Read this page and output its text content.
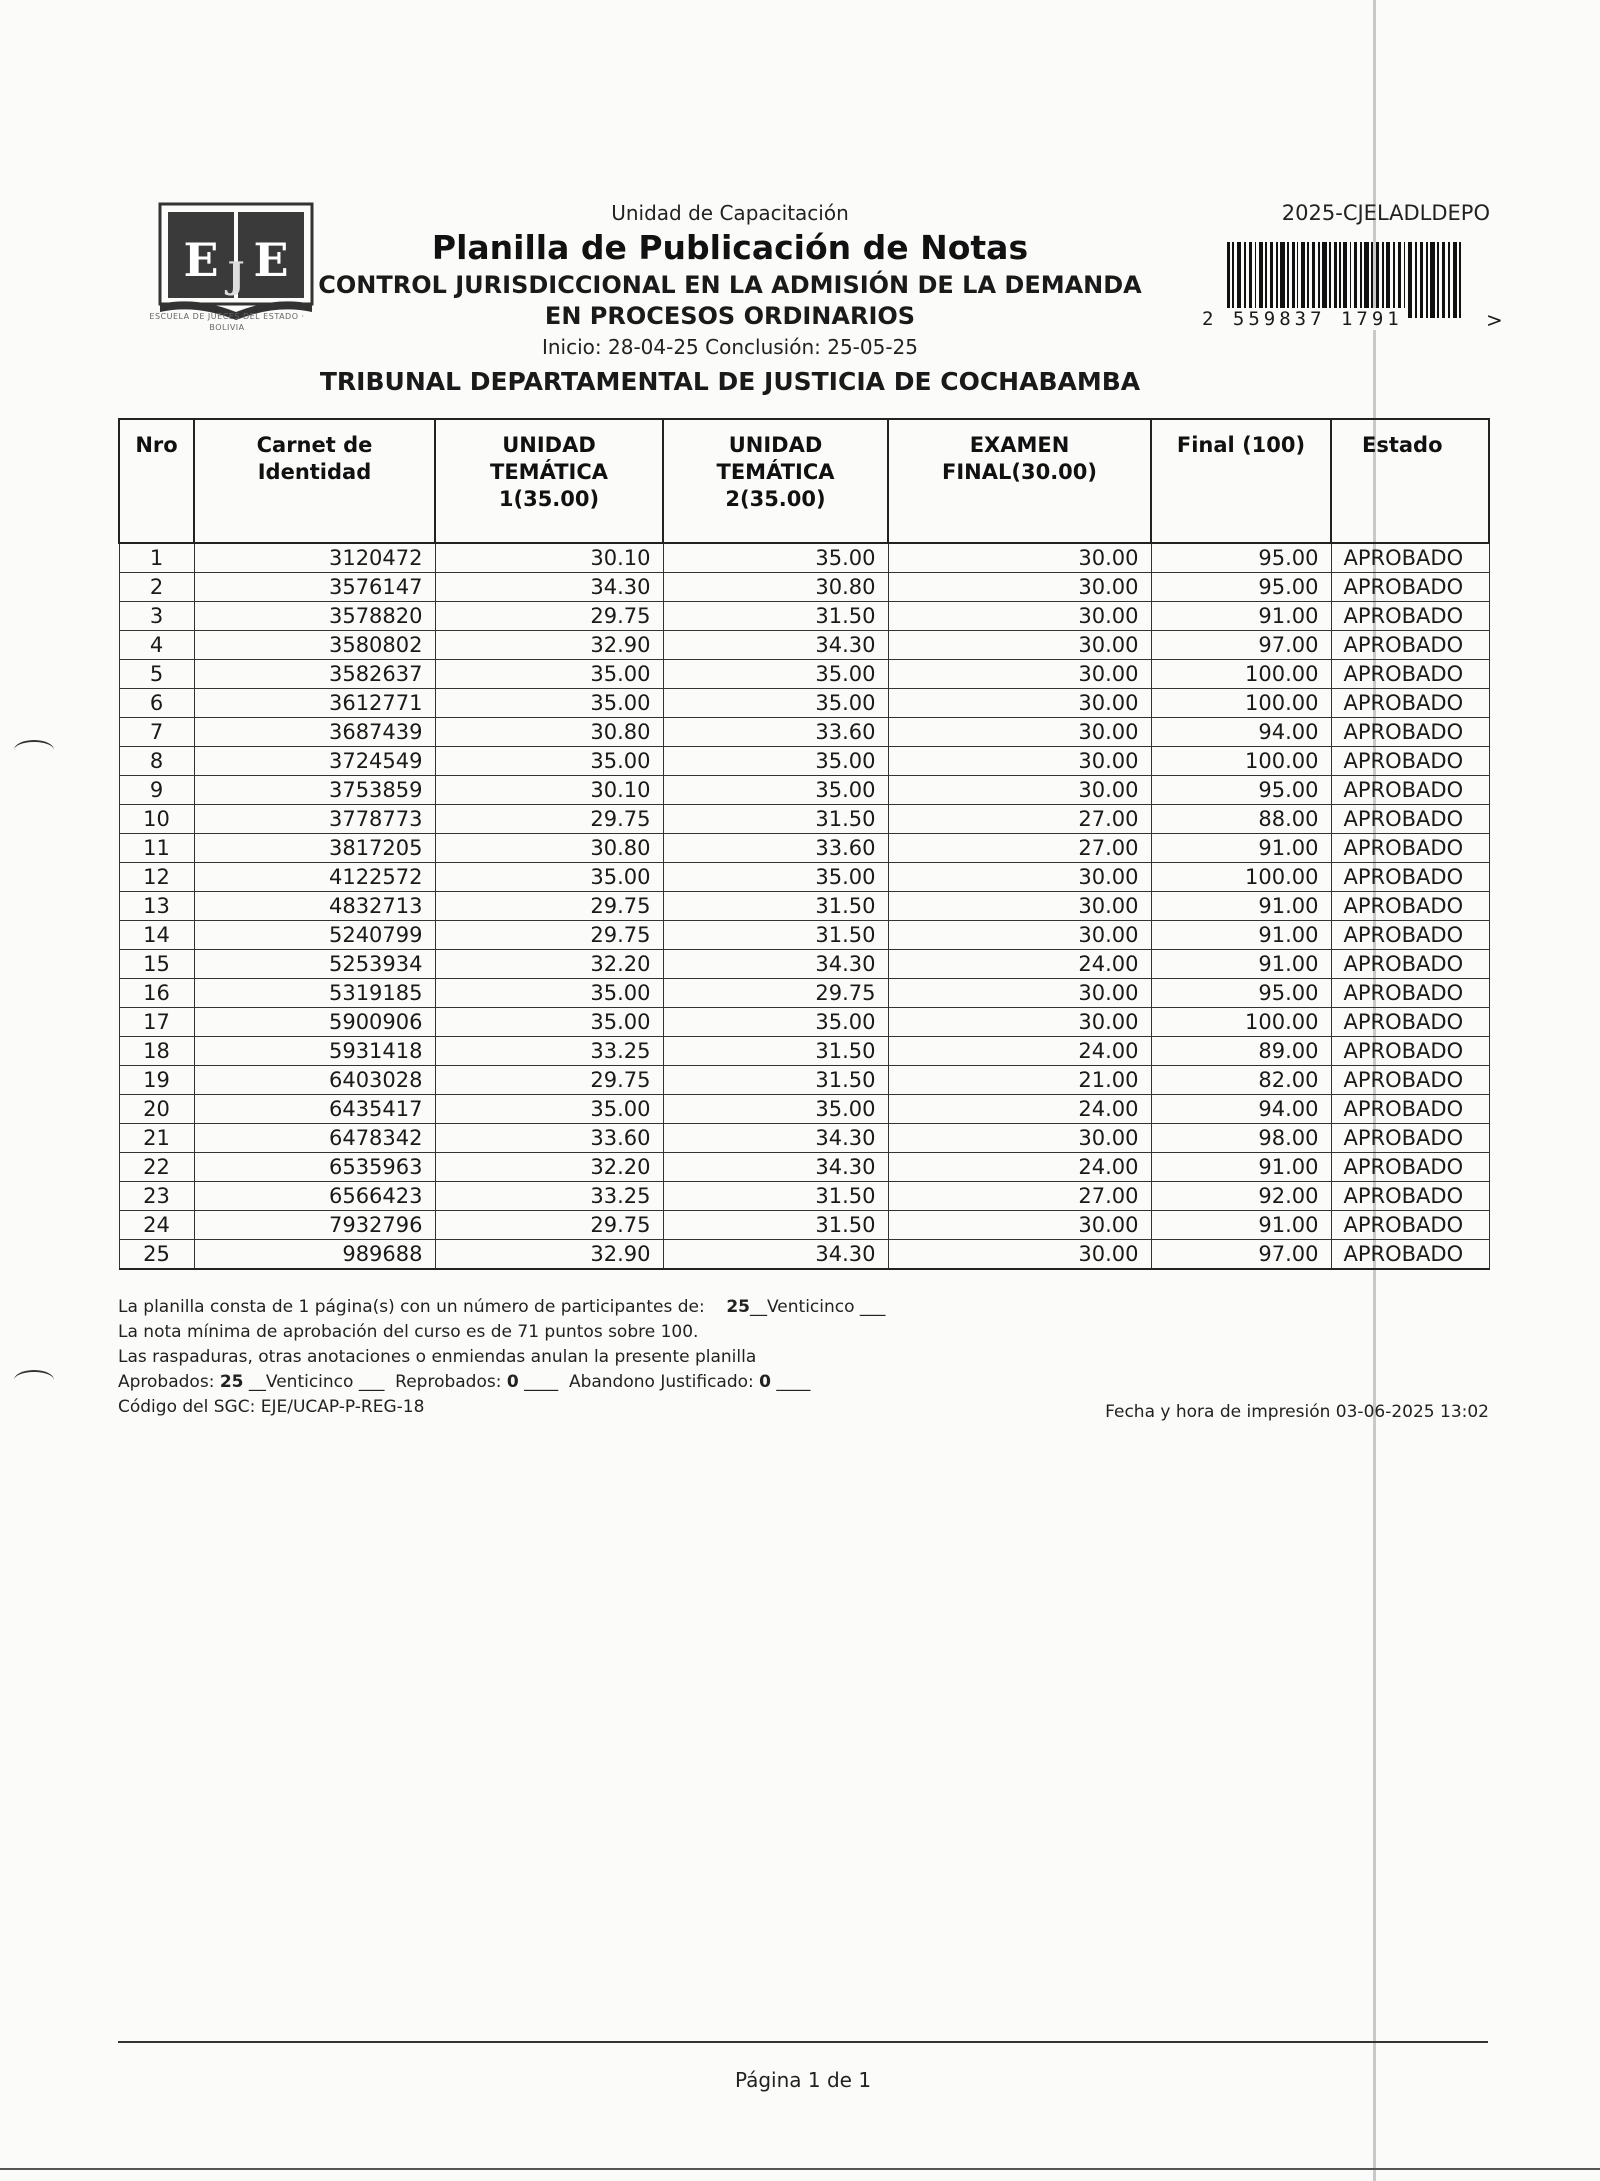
E J E
ESCUELA DE JUECES DEL ESTADO · BOLIVIA
Unidad de Capacitación
Planilla de Publicación de Notas
CONTROL JURISDICCIONAL EN LA ADMISIÓN DE LA DEMANDA
EN PROCESOS ORDINARIOS
Inicio: 28-04-25 Conclusión: 25-05-25
TRIBUNAL DEPARTAMENTAL DE JUSTICIA DE COCHABAMBA
2025-CJELADLDEPO
2 559837 1791	>
Nro	Carnet de Identidad	UNIDAD TEMÁTICA 1(35.00)	UNIDAD TEMÁTICA 2(35.00)	EXAMEN FINAL(30.00)	Final (100)	Estado
1	3120472	30.10	35.00	30.00	95.00	APROBADO
2	3576147	34.30	30.80	30.00	95.00	APROBADO
3	3578820	29.75	31.50	30.00	91.00	APROBADO
4	3580802	32.90	34.30	30.00	97.00	APROBADO
5	3582637	35.00	35.00	30.00	100.00	APROBADO
6	3612771	35.00	35.00	30.00	100.00	APROBADO
7	3687439	30.80	33.60	30.00	94.00	APROBADO
8	3724549	35.00	35.00	30.00	100.00	APROBADO
9	3753859	30.10	35.00	30.00	95.00	APROBADO
10	3778773	29.75	31.50	27.00	88.00	APROBADO
11	3817205	30.80	33.60	27.00	91.00	APROBADO
12	4122572	35.00	35.00	30.00	100.00	APROBADO
13	4832713	29.75	31.50	30.00	91.00	APROBADO
14	5240799	29.75	31.50	30.00	91.00	APROBADO
15	5253934	32.20	34.30	24.00	91.00	APROBADO
16	5319185	35.00	29.75	30.00	95.00	APROBADO
17	5900906	35.00	35.00	30.00	100.00	APROBADO
18	5931418	33.25	31.50	24.00	89.00	APROBADO
19	6403028	29.75	31.50	21.00	82.00	APROBADO
20	6435417	35.00	35.00	24.00	94.00	APROBADO
21	6478342	33.60	34.30	30.00	98.00	APROBADO
22	6535963	32.20	34.30	24.00	91.00	APROBADO
23	6566423	33.25	31.50	27.00	92.00	APROBADO
24	7932796	29.75	31.50	30.00	91.00	APROBADO
25	989688	32.90	34.30	30.00	97.00	APROBADO
La planilla consta de 1 página(s) con un número de participantes de: 25__Venticinco ___
La nota mínima de aprobación del curso es de 71 puntos sobre 100.
Las raspaduras, otras anotaciones o enmiendas anulan la presente planilla
Aprobados: 25 __Venticinco ___ Reprobados: 0 ____ Abandono Justificado: 0 ____
Código del SGC: EJE/UCAP-P-REG-18	Fecha y hora de impresión 03-06-2025 13:02
Página 1 de 1
